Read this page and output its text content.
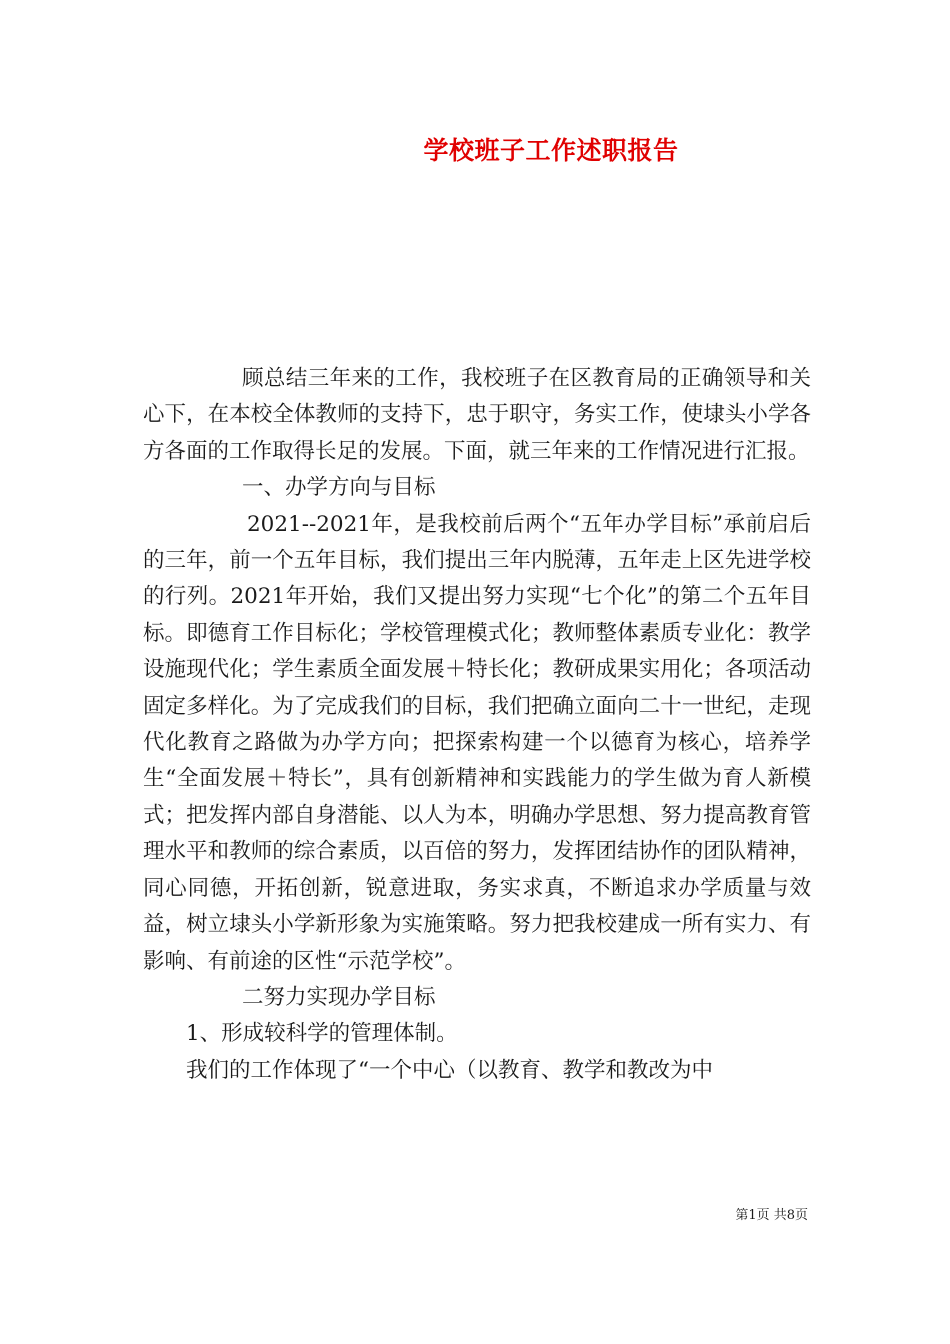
学校班子工作述职报告

顾总结三年来的工作，我校班子在区教育局的正确领导和关心下，在本校全体教师的支持下，忠于职守，务实工作，使埭头小学各方各面的工作取得长足的发展。下面，就三年来的工作情况进行汇报。

一、办学方向与目标

2021--2021年，是我校前后两个“五年办学目标”承前启后的三年，前一个五年目标，我们提出三年内脱薄，五年走上区先进学校的行列。2021年开始，我们又提出努力实现“七个化”的第二个五年目标。即德育工作目标化；学校管理模式化；教师整体素质专业化：教学设施现代化；学生素质全面发展＋特长化；教研成果实用化；各项活动固定多样化。为了完成我们的目标，我们把确立面向二十一世纪，走现代化教育之路做为办学方向；把探索构建一个以德育为核心，培养学生“全面发展＋特长”，具有创新精神和实践能力的学生做为育人新模式；把发挥内部自身潜能、以人为本，明确办学思想、努力提高教育管理水平和教师的综合素质，以百倍的努力，发挥团结协作的团队精神，同心同德，开拓创新，锐意进取，务实求真，不断追求办学质量与效益，树立埭头小学新形象为实施策略。努力把我校建成一所有实力、有影响、有前途的区性“示范学校”。

二努力实现办学目标

1、形成较科学的管理体制。

我们的工作体现了“一个中心（以教育、教学和教改为中

第1页 共8页
